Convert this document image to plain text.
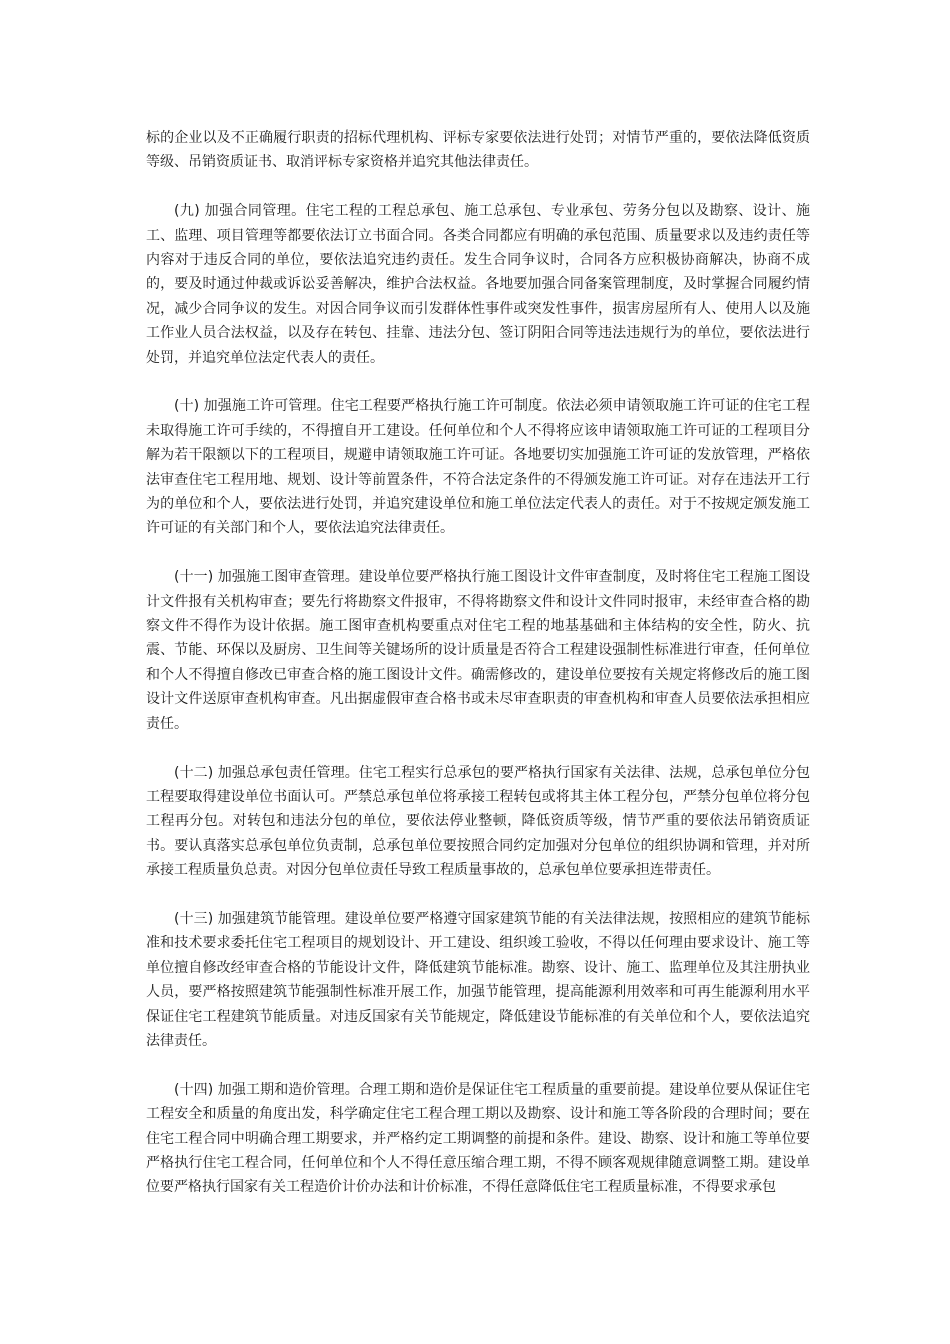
标的企业以及不正确履行职责的招标代理机构、评标专家要依法进行处罚；对情节严重的，要依法降低资质等级、吊销资质证书、取消评标专家资格并追究其他法律责任。

(九) 加强合同管理。住宅工程的工程总承包、施工总承包、专业承包、劳务分包以及勘察、设计、施工、监理、项目管理等都要依法订立书面合同。各类合同都应有明确的承包范围、质量要求以及违约责任等内容对于违反合同的单位，要依法追究违约责任。发生合同争议时，合同各方应积极协商解决，协商不成的，要及时通过仲裁或诉讼妥善解决，维护合法权益。各地要加强合同备案管理制度，及时掌握合同履约情况，减少合同争议的发生。对因合同争议而引发群体性事件或突发性事件，损害房屋所有人、使用人以及施工作业人员合法权益，以及存在转包、挂靠、违法分包、签订阴阳合同等违法违规行为的单位，要依法进行处罚，并追究单位法定代表人的责任。

(十) 加强施工许可管理。住宅工程要严格执行施工许可制度。依法必须申请领取施工许可证的住宅工程未取得施工许可手续的，不得擅自开工建设。任何单位和个人不得将应该申请领取施工许可证的工程项目分解为若干限额以下的工程项目，规避申请领取施工许可证。各地要切实加强施工许可证的发放管理，严格依法审查住宅工程用地、规划、设计等前置条件，不符合法定条件的不得颁发施工许可证。对存在违法开工行为的单位和个人，要依法进行处罚，并追究建设单位和施工单位法定代表人的责任。对于不按规定颁发施工许可证的有关部门和个人，要依法追究法律责任。

(十一) 加强施工图审查管理。建设单位要严格执行施工图设计文件审查制度，及时将住宅工程施工图设计文件报有关机构审查；要先行将勘察文件报审，不得将勘察文件和设计文件同时报审，未经审查合格的勘察文件不得作为设计依据。施工图审查机构要重点对住宅工程的地基基础和主体结构的安全性，防火、抗震、节能、环保以及厨房、卫生间等关键场所的设计质量是否符合工程建设强制性标准进行审查，任何单位和个人不得擅自修改已审查合格的施工图设计文件。确需修改的，建设单位要按有关规定将修改后的施工图设计文件送原审查机构审查。凡出据虚假审查合格书或未尽审查职责的审查机构和审查人员要依法承担相应责任。

(十二) 加强总承包责任管理。住宅工程实行总承包的要严格执行国家有关法律、法规，总承包单位分包工程要取得建设单位书面认可。严禁总承包单位将承接工程转包或将其主体工程分包，严禁分包单位将分包工程再分包。对转包和违法分包的单位，要依法停业整顿，降低资质等级，情节严重的要依法吊销资质证书。要认真落实总承包单位负责制，总承包单位要按照合同约定加强对分包单位的组织协调和管理，并对所承接工程质量负总责。对因分包单位责任导致工程质量事故的，总承包单位要承担连带责任。

(十三) 加强建筑节能管理。建设单位要严格遵守国家建筑节能的有关法律法规，按照相应的建筑节能标准和技术要求委托住宅工程项目的规划设计、开工建设、组织竣工验收，不得以任何理由要求设计、施工等单位擅自修改经审查合格的节能设计文件，降低建筑节能标准。勘察、设计、施工、监理单位及其注册执业人员，要严格按照建筑节能强制性标准开展工作，加强节能管理，提高能源利用效率和可再生能源利用水平保证住宅工程建筑节能质量。对违反国家有关节能规定，降低建设节能标准的有关单位和个人，要依法追究法律责任。

(十四) 加强工期和造价管理。合理工期和造价是保证住宅工程质量的重要前提。建设单位要从保证住宅工程安全和质量的角度出发，科学确定住宅工程合理工期以及勘察、设计和施工等各阶段的合理时间；要在住宅工程合同中明确合理工期要求，并严格约定工期调整的前提和条件。建设、勘察、设计和施工等单位要严格执行住宅工程合同，任何单位和个人不得任意压缩合理工期，不得不顾客观规律随意调整工期。建设单位要严格执行国家有关工程造价计价办法和计价标准，不得任意降低住宅工程质量标准，不得要求承包
